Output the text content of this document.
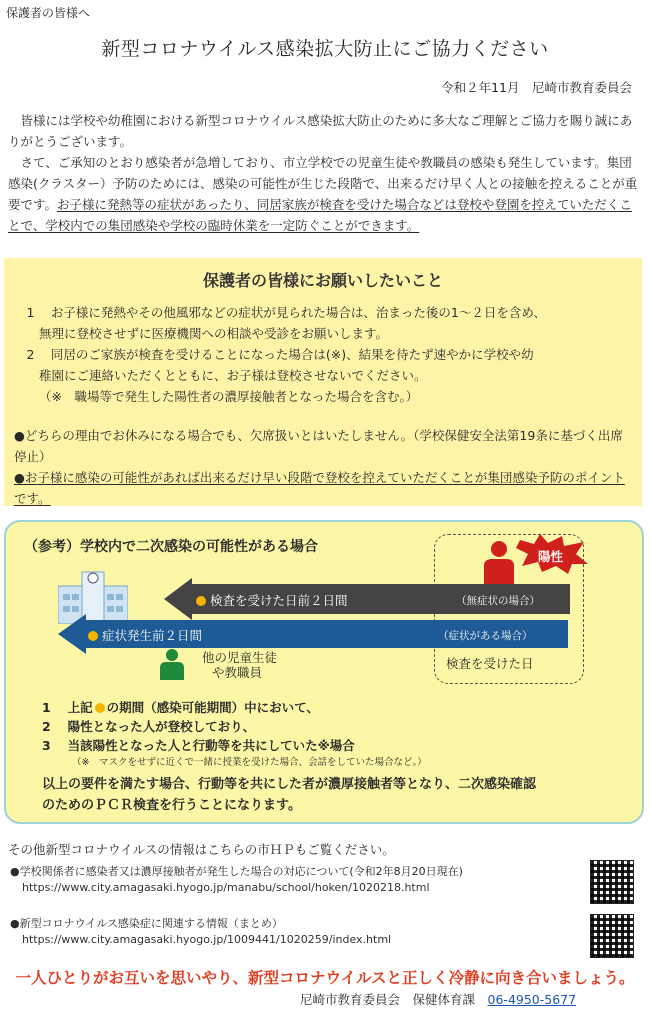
保護者の皆様へ
新型コロナウイルス感染拡大防止にご協力ください
令和２年11月　 尼崎市教育委員会

皆様には学校や幼稚園における新型コロナウイルス感染拡大防止のために多大なご理解とご協力を賜り誠にありがとうございます。

さて、ご承知のとおり感染者が急増しており、市立学校での児童生徒や教職員の感染も発生しています。集団感染(クラスター）予防のためには、感染の可能性が生じた段階で、出来るだけ早く人との接触を控えることが重要です。お子様に発熱等の症状があったり、同居家族が検査を受けた場合などは登校や登園を控えていただくことで、学校内での集団感染や学校の臨時休業を一定防ぐことができます。

保護者の皆様にお願いしたいこと

1　 お子様に発熱やその他風邪などの症状が見られた場合は、治まった後の1～２日を含め、

無理に登校させずに医療機関への相談や受診をお願いします。

2　 同居のご家族が検査を受けることになった場合は(※)、結果を待たず速やかに学校や幼

稚園にご連絡いただくとともに、お子様は登校させないでください。

（※　職場等で発生した陽性者の濃厚接触者となった場合を含む。）

●どちらの理由でお休みになる場合でも、欠席扱いとはいたしません。（学校保健安全法第19条に基づく出席停止）

●お子様に感染の可能性があれば出来るだけ早い段階で登校を控えていただくことが集団感染予防のポイントです。

（参考）学校内で二次感染の可能性がある場合
陽性
検査を受けた日前２日間	（無症状の場合）
症状発生前２日間	（症状がある場合）
検査を受けた日
他の児童生徒
や教職員

1　 上記 の期間（感染可能期間）中において、

2　 陽性となった人が登校しており、

3　 当該陽性となった人と行動等を共にしていた※場合

（※　マスクをせずに近くで一緒に授業を受けた場合、会話をしていた場合など。）

以上の要件を満たす場合、行動等を共にした者が濃厚接触者等となり、二次感染確認

のためのＰＣＲ検査を行うことになります。

その他新型コロナウイルスの情報はこちらの市ＨＰもご覧ください。
●学校関係者に感染者又は濃厚接触者が発生した場合の対応について(令和2年8月20日現在)
https://www.city.amagasaki.hyogo.jp/manabu/school/hoken/1020218.html
●新型コロナウイルス感染症に関連する情報（まとめ）
https://www.city.amagasaki.hyogo.jp/1009441/1020259/index.html
一人ひとりがお互いを思いやり、新型コロナウイルスと正しく冷静に向き合いましょう。
尼崎市教育委員会　保健体育課　 06-4950-5677
